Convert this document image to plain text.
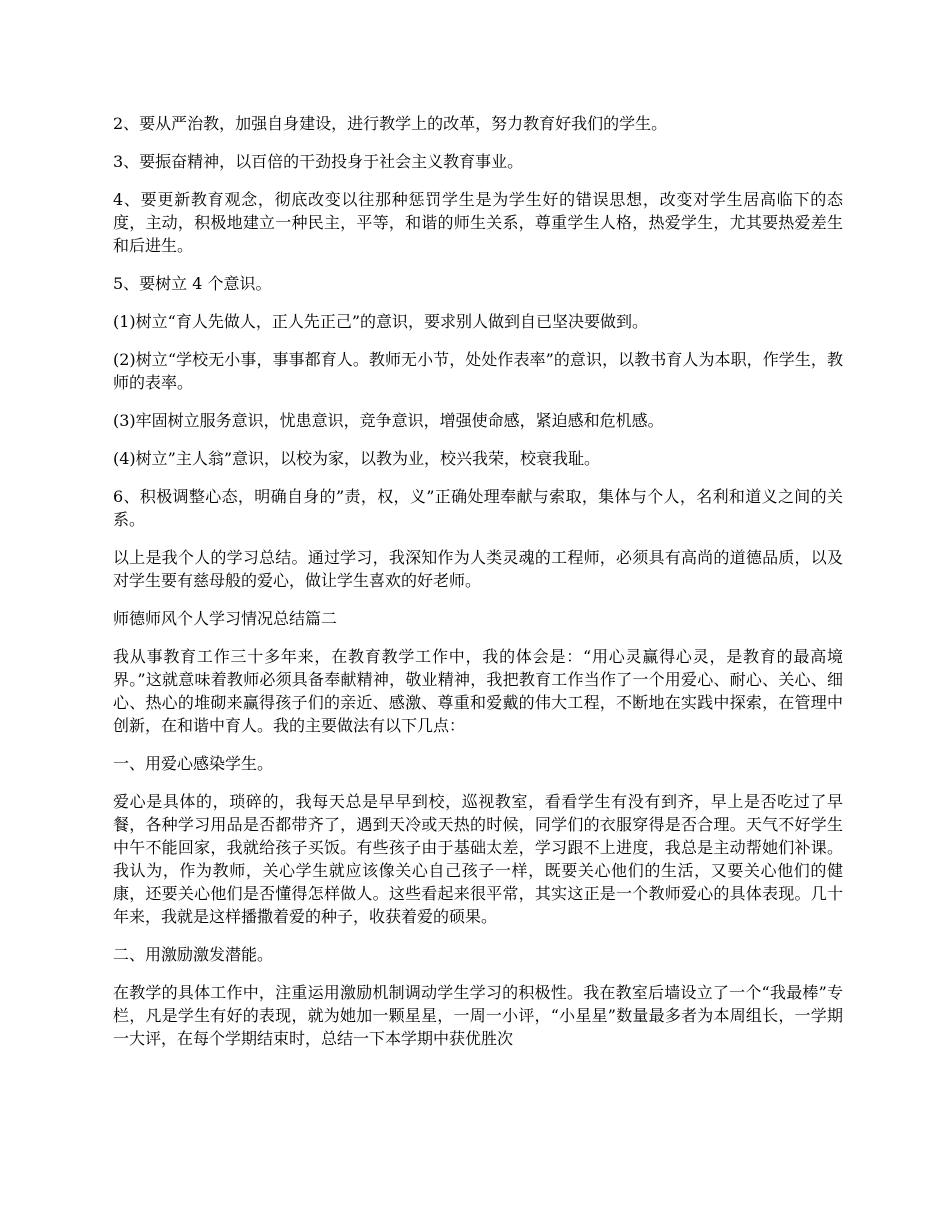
2、要从严治教，加强自身建设，进行教学上的改革，努力教育好我们的学生。

3、要振奋精神，以百倍的干劲投身于社会主义教育事业。

4、要更新教育观念，彻底改变以往那种惩罚学生是为学生好的错误思想，改变对学生居高临下的态度，主动，积极地建立一种民主，平等，和谐的师生关系，尊重学生人格，热爱学生，尤其要热爱差生和后进生。

5、要树立 4 个意识。

(1)树立“育人先做人，正人先正己”的意识，要求别人做到自已坚决要做到。

(2)树立“学校无小事，事事都育人。教师无小节，处处作表率”的意识，以教书育人为本职，作学生，教师的表率。

(3)牢固树立服务意识，忧患意识，竞争意识，增强使命感，紧迫感和危机感。

(4)树立”主人翁”意识，以校为家，以教为业，校兴我荣，校衰我耻。

6、积极调整心态，明确自身的”责，权，义”正确处理奉献与索取，集体与个人，名利和道义之间的关系。

以上是我个人的学习总结。通过学习，我深知作为人类灵魂的工程师，必须具有高尚的道德品质，以及对学生要有慈母般的爱心，做让学生喜欢的好老师。

师德师风个人学习情况总结篇二

我从事教育工作三十多年来，在教育教学工作中，我的体会是：“用心灵赢得心灵，是教育的最高境界。”这就意味着教师必须具备奉献精神，敬业精神，我把教育工作当作了一个用爱心、耐心、关心、细心、热心的堆砌来赢得孩子们的亲近、感激、尊重和爱戴的伟大工程，不断地在实践中探索，在管理中创新，在和谐中育人。我的主要做法有以下几点：

一、用爱心感染学生。

爱心是具体的，琐碎的，我每天总是早早到校，巡视教室，看看学生有没有到齐，早上是否吃过了早餐，各种学习用品是否都带齐了，遇到天冷或天热的时候，同学们的衣服穿得是否合理。天气不好学生中午不能回家，我就给孩子买饭。有些孩子由于基础太差，学习跟不上进度，我总是主动帮她们补课。我认为，作为教师，关心学生就应该像关心自己孩子一样，既要关心他们的生活，又要关心他们的健康，还要关心他们是否懂得怎样做人。这些看起来很平常，其实这正是一个教师爱心的具体表现。几十年来，我就是这样播撒着爱的种子，收获着爱的硕果。

二、用激励激发潜能。

在教学的具体工作中，注重运用激励机制调动学生学习的积极性。我在教室后墙设立了一个“我最棒”专栏，凡是学生有好的表现，就为她加一颗星星，一周一小评，“小星星”数量最多者为本周组长，一学期一大评，在每个学期结束时，总结一下本学期中获优胜次
